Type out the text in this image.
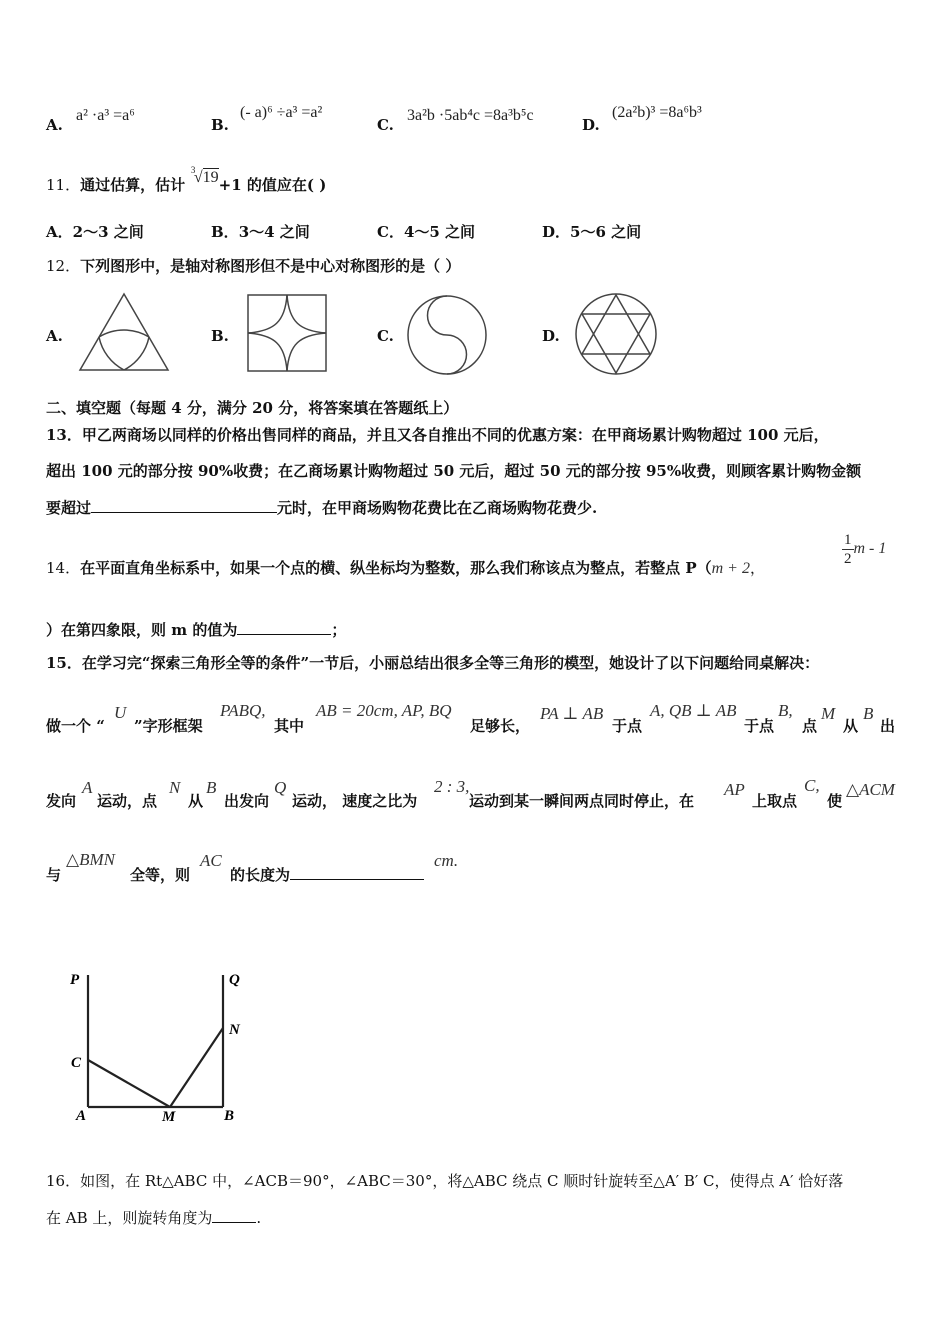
A.
a² ·a³ =a⁶
B.
(- a)⁶ ÷a³ =a²
C.
3a²b ·5ab⁴c =8a³b⁵c
D.
(2a²b)³ =8a⁶b³
11．通过估算，估计
3
√19+1 的值应在( )
A．2～3 之间	B．3～4 之间	C．4～5 之间	D．5～6 之间
12．下列图形中，是轴对称图形但不是中心对称图形的是（ ）
A.	B.	C.	D.
二、填空题（每题 4 分，满分 20 分，将答案填在答题纸上）
13．甲乙两商场以同样的价格出售同样的商品，并且又各自推出不同的优惠方案：在甲商场累计购物超过 100 元后，
超出 100 元的部分按 90%收费；在乙商场累计购物超过 50 元后，超过 50 元的部分按 95%收费，则顾客累计购物金额
要超过	元时，在甲商场购物花费比在乙商场购物花费少.
14．在平面直角坐标系中，如果一个点的横、纵坐标均为整数，那么我们称该点为整点，若整点 P（m + 2，	$\frac{1}{2}$ m - 1
）在第四象限，则 m 的值为	；
15．在学习完“探索三角形全等的条件”一节后，小丽总结出很多全等三角形的模型，她设计了以下问题给同桌解决：
做一个 “
U
”字形框架
PABQ,
其中
AB = 20cm, AP, BQ
足够长，
PA ⊥ AB
于点
A, QB ⊥ AB
于点
B,
点
M
从
B
出
发向
A
运动，点
N
从
B
出发向
Q
运动， 速度之比为
2 : 3,
运动到某一瞬间两点同时停止，在
AP
上取点
C,
使
△ACM
与
△BMN
全等，则
AC
的长度为
cm.
P	Q
C
N
A	M	B
16．如图，在 Rt△ABC 中，∠ACB＝90°，∠ABC＝30°，将△ABC 绕点 C 顺时针旋转至△A′ B′ C，使得点 A′ 恰好落
在 AB 上，则旋转角度为	.
